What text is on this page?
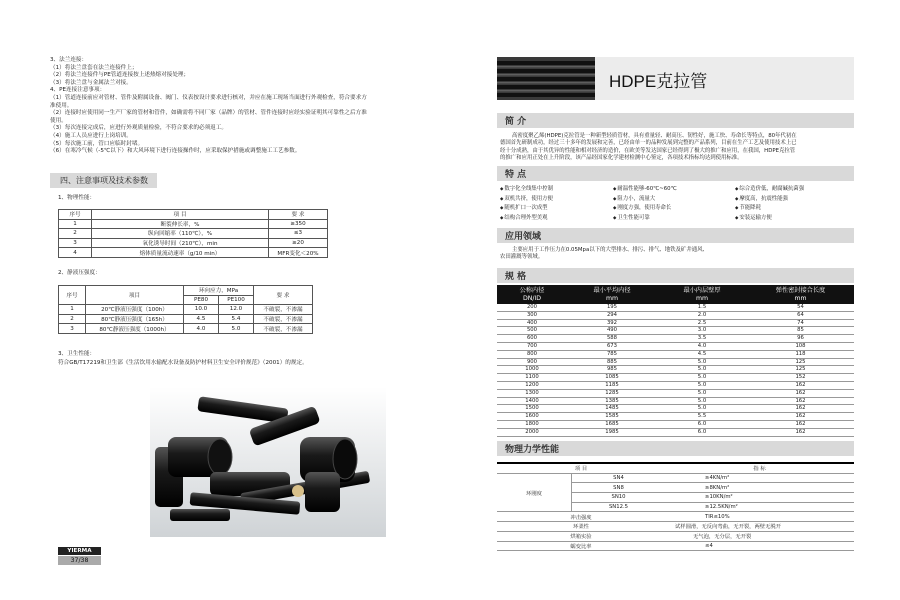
3、法兰连接：
（1）将法兰盘套在法兰连接件上；
（2）将法兰连接件与PE管道连接按上述热熔对接处理；
（3）将法兰盘与金属法兰对接。
4、PE连接注意事项：
（1）管道连接前应对管材、管件及附属设备、阀门、仪表按设计要求进行核对，并应在施工现场当面进行外观检查，符合要求方
准使用。
（2）连接时应使用同一生产厂家的管材和管件，如确需将不同厂家（品牌）的管材、管件连接时应经实验证明其可靠性之后方准
使用。
（3）每次连接完成后，应进行外观质量检验，不符合要求的必须返工。
（4）施工人员应进行上岗培训。
（5）每次施工前，管口应临时封堵。
（6）在寒冷气候（-5℃以下）和大风环境下进行连接操作时，应采取保护措施或调整施工工艺参数。
四、注意事项及技术参数
1、物理性能：
序号	项 目	要 求
1	断裂伸长率，%	≥350
2	纵向回缩率（110℃），%	≤3
3	氧化诱导时间（210℃），min	≥20
4	熔体质量流动速率（g/10 min）	MFR变化＜20%
2、静液压强度：
序号	项目	环向应力，MPa		要 求
		PE80	PE100	
1	20℃静液压强度（100h）	10.0	12.0	不破裂，不渗漏
2	80℃静液压强度（165h）	4.5	5.4	不破裂，不渗漏
3	80℃静液压强度（1000h）	4.0	5.0	不破裂，不渗漏
3、卫生性能：
符合GB/T17219和卫生部《生活饮用水输配水设备及防护材料卫生安全评价规范》（2001）的规定。
YIERMA
37/38
HDPE克拉管
简 介
高密度聚乙烯(HDPE)克拉管是一种新型轻质管材，具有重量轻、耐高压、韧性好，施工快、寿命长等特点，80年代初在
德国首先研制成功，经过三十多年的发展和完善，已经由单一的品种发展到完整的产品系列，目前在生产工艺及使用技术上已
经十分成熟，由于其优异的性能和相对经济的造价，在欧美等发达国家已经得到了极大的推广和应用，在我国，HDPE克拉管
的推广和应用正处在上升阶段，该产品经国家化学建材检测中心鉴定，各项技术指标均达到使用标准。
特 点
◆ 数字化全线集中控制	◆ 耐温性能够-60℃~60℃	◆ 综合造价低，耐腐碱抗菌强
◆ 双机共挤，使用方便	◆ 阻力小，流量大	◆ 摩度高，抗震性能强
◆ 随机扩口一次成型	◆ 刚度方强，使用寿命长	◆ 节能降耗
◆ 结构合理外型美观	◆ 卫生性能可靠	◆ 安装运输方便
应用领域
主要应用于工作压力在0.05Mpa以下的大型排水、排污、排气、地铁及矿井通风、
农田灌溉等领域。
规 格
公称内径
DN/ID	最小平均内径
mm	最小内层壁厚
mm	弹性密封接合长度
mm
200	195	1.5	54
300	294	2.0	64
400	392	2.5	74
500	490	3.0	85
600	588	3.5	96
700	673	4.0	108
800	785	4.5	118
900	885	5.0	125
1000	985	5.0	125
1100	1085	5.0	152
1200	1185	5.0	162
1300	1285	5.0	162
1400	1385	5.0	162
1500	1485	5.0	162
1600	1585	5.5	162
1800	1685	6.0	162
2000	1985	6.0	162
物理力学性能
项 目		指 标
环刚度	SN4	≥4KN/m²
	SN8	≥8KN/m²
	SN10	≥10KN/m²
	SN12.5	≥12.5KN/m²
冲击强度		TIR≤10%
环柔性		试样圆滑，无反向弯曲，无开裂，两壁无脱开
烘箱实验		无气泡，无分层，无开裂
蠕变比率		≤4
